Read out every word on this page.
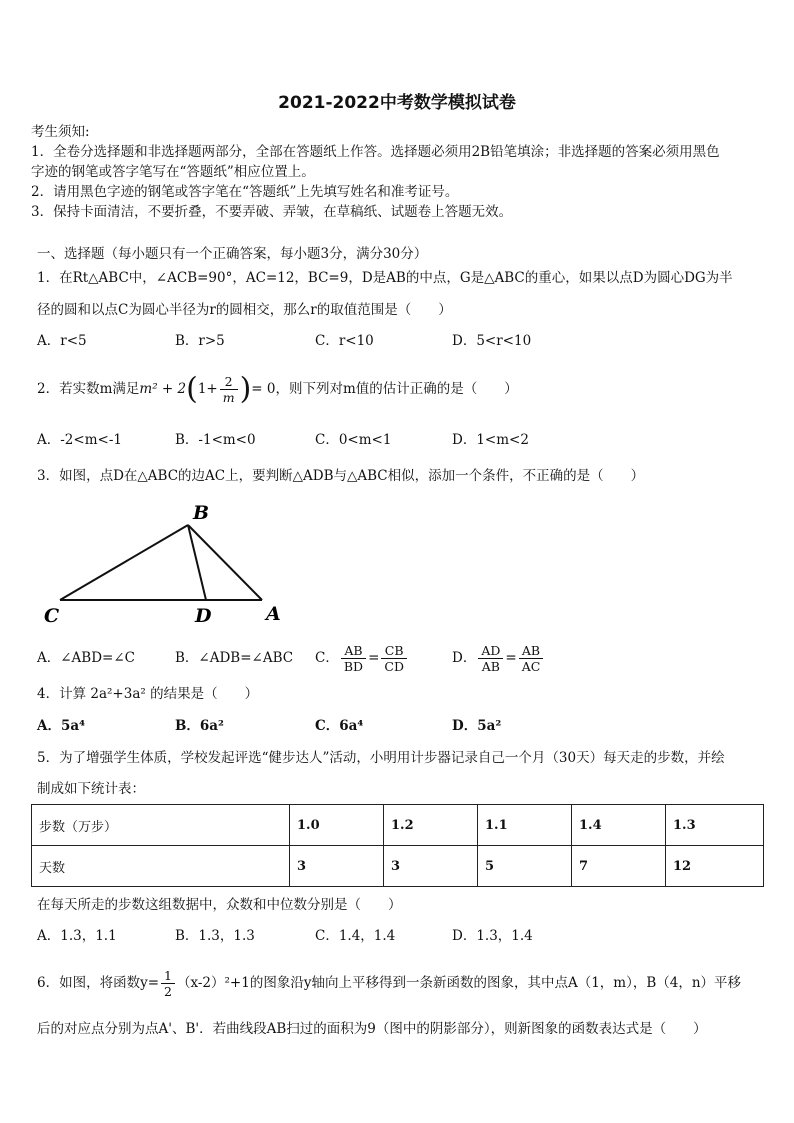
2021-2022中考数学模拟试卷
考生须知:
1．全卷分选择题和非选择题两部分，全部在答题纸上作答。选择题必须用2B铅笔填涂；非选择题的答案必须用黑色
字迹的钢笔或答字笔写在“答题纸”相应位置上。
2．请用黑色字迹的钢笔或答字笔在“答题纸”上先填写姓名和准考证号。
3．保持卡面清洁，不要折叠，不要弄破、弄皱，在草稿纸、试题卷上答题无效。
一、选择题（每小题只有一个正确答案，每小题3分，满分30分）
1．在Rt△ABC中，∠ACB=90°，AC=12，BC=9，D是AB的中点，G是△ABC的重心，如果以点D为圆心DG为半
径的圆和以点C为圆心半径为r的圆相交，那么r的取值范围是（　　）
A．r<5	B．r>5	C．r<10	D．5<r<10
2．若实数m满足$m^2 + 2(1+ \frac{2}{m}$ )= 0，则下列对m值的估计正确的是（　　）
A．-2<m<-1	B．-1<m<0	C．0<m<1	D．1<m<2
3．如图，点D在△ABC的边AC上，要判断△ADB与△ABC相似，添加一个条件，不正确的是（　　）
B
C	D	A
A．∠ABD=∠C	B．∠ADB=∠ABC C． $\frac{AB}{BD} = \frac{CB}{CD}$	D． $\frac{AD}{AB} = \frac{AB}{AC}$
4．计算 2a²+3a² 的结果是（　　）
A．5a⁴	B．6a²	C．6a⁴	D．5a²
5．为了增强学生体质，学校发起评选“健步达人”活动，小明用计步器记录自己一个月（30天）每天走的步数，并绘
制成如下统计表：
步数（万步）	1.0	1.2	1.1	1.4	1.3
天数	3	3	5	7	12
在每天所走的步数这组数据中，众数和中位数分别是（　　）
A．1.3，1.1	B．1.3，1.3	C．1.4，1.4	D．1.3，1.4
6．如图，将函数$y= \frac{1}{2} (x-2)^2+1$的图象沿y轴向上平移得到一条新函数的图象，其中点A（1，m），B（4，n）平移
后的对应点分别为点A'、B'．若曲线段AB扫过的面积为9（图中的阴影部分），则新图象的函数表达式是（　　）
